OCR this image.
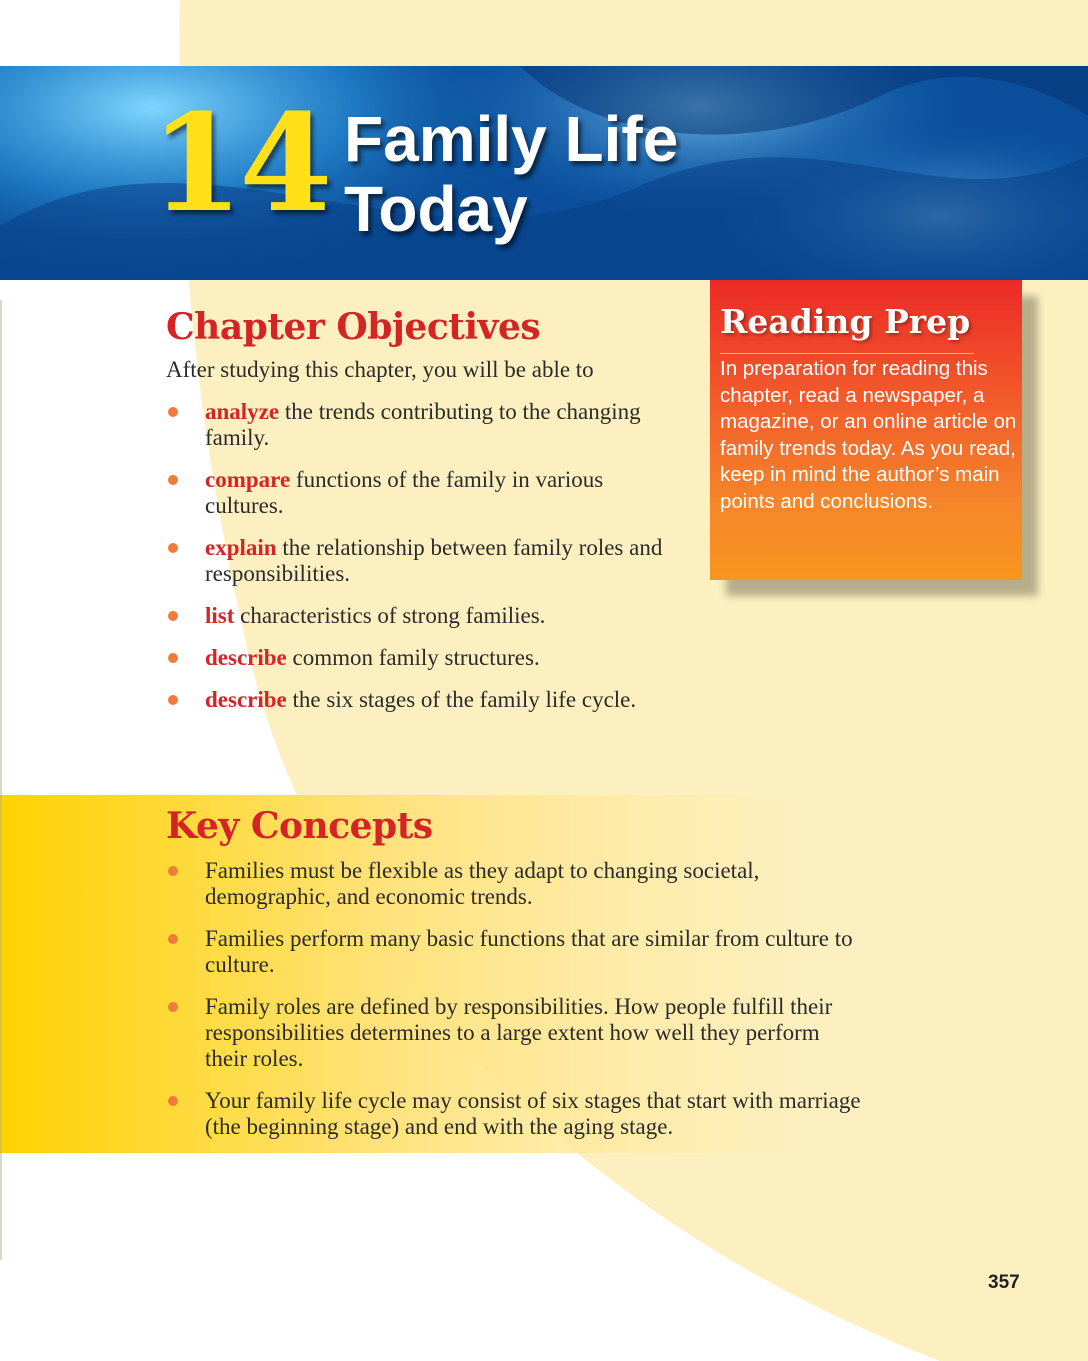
14 Family Life
Today
Chapter Objectives

After studying this chapter, you will be able to

analyze the trends contributing to the changing family.
compare functions of the family in various cultures.
explain the relationship between family roles and responsibilities.
list characteristics of strong families.
describe common family structures.
describe the six stages of the family life cycle.
Reading Prep

In preparation for reading this chapter, read a newspaper, a magazine, or an online article on family trends today. As you read, keep in mind the author’s main points and conclusions.

Key Concepts
Families must be flexible as they adapt to changing societal, demographic, and economic trends.
Families perform many basic functions that are similar from culture to culture.
Family roles are defined by responsibilities. How people fulfill their responsibilities determines to a large extent how well they perform their roles.
Your family life cycle may consist of six stages that start with marriage (the beginning stage) and end with the aging stage.
357
